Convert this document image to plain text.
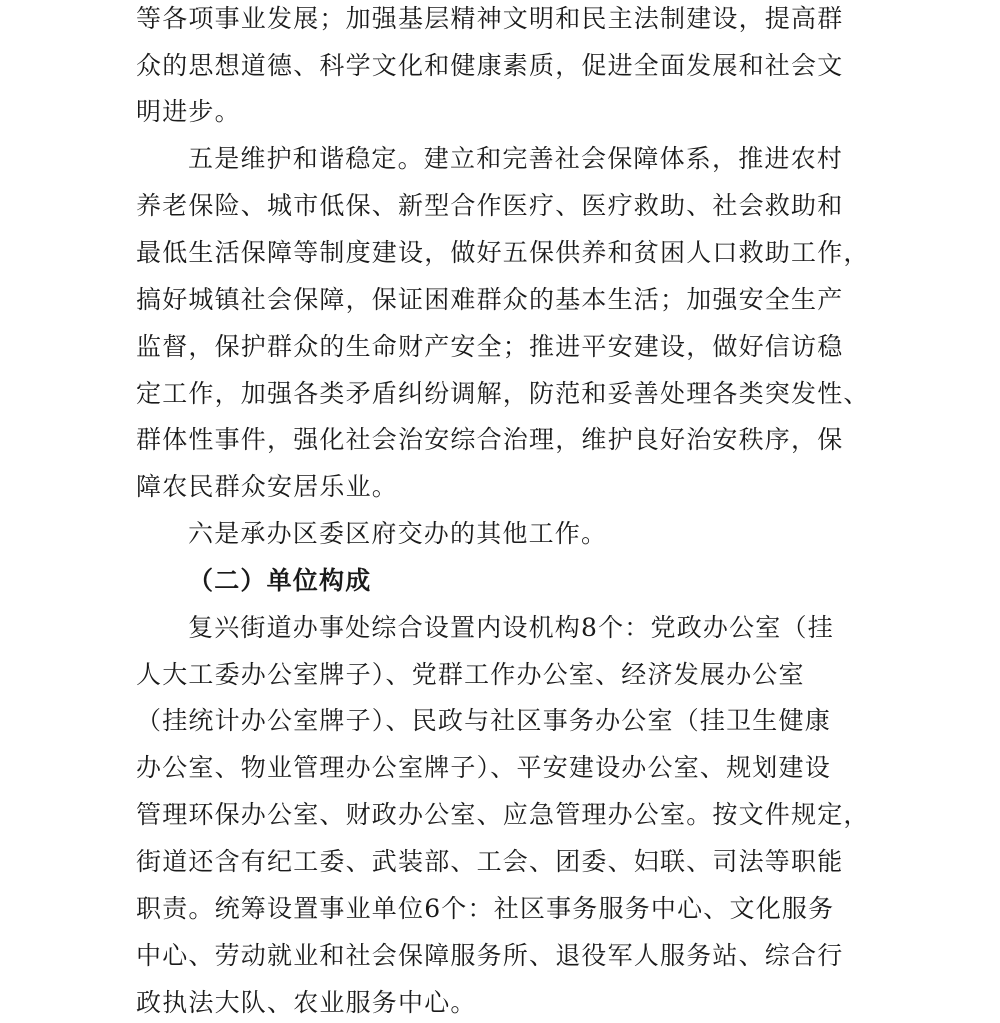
等各项事业发展；加强基层精神文明和民主法制建设，提高群
众的思想道德、科学文化和健康素质，促进全面发展和社会文
明进步。
五是维护和谐稳定。建立和完善社会保障体系，推进农村
养老保险、城市低保、新型合作医疗、医疗救助、社会救助和
最低生活保障等制度建设，做好五保供养和贫困人口救助工作，
搞好城镇社会保障，保证困难群众的基本生活；加强安全生产
监督，保护群众的生命财产安全；推进平安建设，做好信访稳
定工作，加强各类矛盾纠纷调解，防范和妥善处理各类突发性、
群体性事件，强化社会治安综合治理，维护良好治安秩序，保
障农民群众安居乐业。
六是承办区委区府交办的其他工作。
（二）单位构成
复兴街道办事处综合设置内设机构8个：党政办公室（挂
人大工委办公室牌子）、党群工作办公室、经济发展办公室
（挂统计办公室牌子）、民政与社区事务办公室（挂卫生健康
办公室、物业管理办公室牌子）、平安建设办公室、规划建设
管理环保办公室、财政办公室、应急管理办公室。按文件规定，
街道还含有纪工委、武装部、工会、团委、妇联、司法等职能
职责。统筹设置事业单位6个：社区事务服务中心、文化服务
中心、劳动就业和社会保障服务所、退役军人服务站、综合行
政执法大队、农业服务中心。
